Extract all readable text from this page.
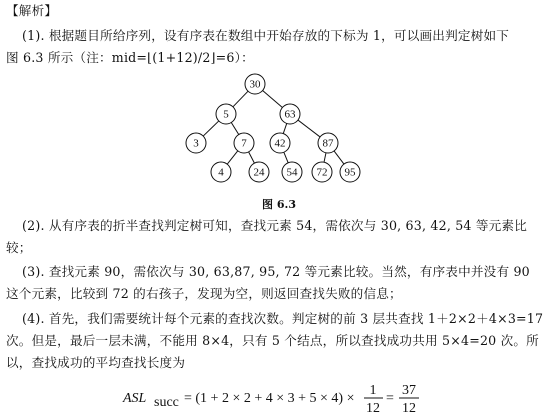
【解析】
(1). 根据题目所给序列，设有序表在数组中开始存放的下标为 1，可以画出判定树如下
图 6.3 所示（注：mid=⌊(1+12)/2⌋=6）：
30
5	63
3	7	42	87
4	24 54 72 95
图 6.3
(2). 从有序表的折半查找判定树可知，查找元素 54，需依次与 30, 63, 42, 54 等元素比
较；
(3). 查找元素 90，需依次与 30, 63,87, 95, 72 等元素比较。当然，有序表中并没有 90
这个元素，比较到 72 的右孩子，发现为空，则返回查找失败的信息；
(4). 首先，我们需要统计每个元素的查找次数。判定树的前 3 层共查找 1＋2×2＋4×3=17
次。但是，最后一层未满，不能用 8×4，只有 5 个结点，所以查找成功共用 5×4=20 次。所
以，查找成功的平均查找长度为
ASL succ = (1 + 2 × 2 + 4 × 3 + 5 × 4) ×
1
12
=
37
12
